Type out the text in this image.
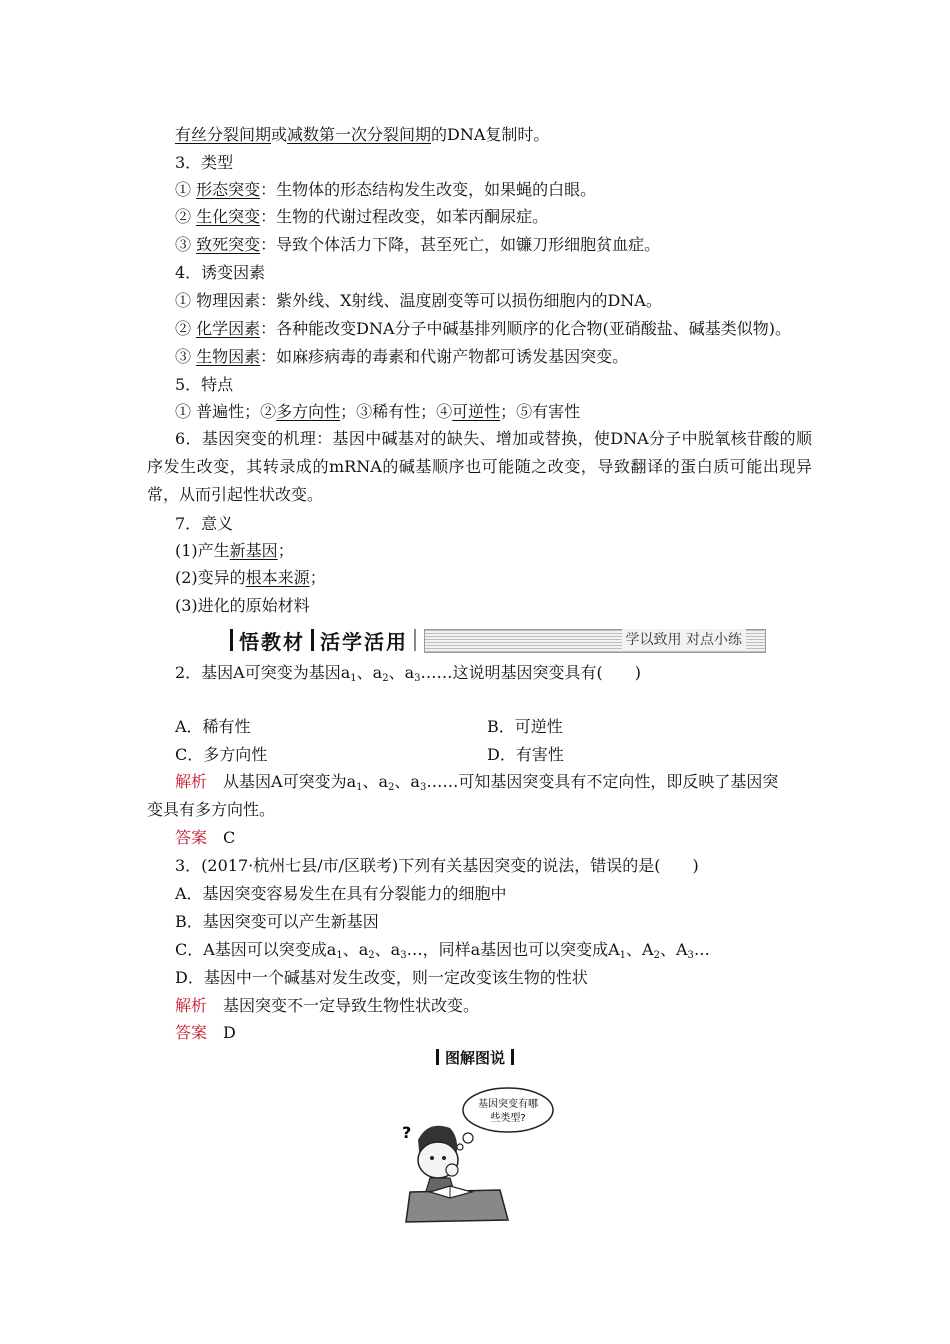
有丝分裂间期或减数第一次分裂间期的DNA复制时。
3．类型
① 形态突变：生物体的形态结构发生改变，如果蝇的白眼。
② 生化突变：生物的代谢过程改变，如苯丙酮尿症。
③ 致死突变：导致个体活力下降，甚至死亡，如镰刀形细胞贫血症。
4．诱变因素
① 物理因素：紫外线、X射线、温度剧变等可以损伤细胞内的DNA。
② 化学因素：各种能改变DNA分子中碱基排列顺序的化合物(亚硝酸盐、碱基类似物)。
③ 生物因素：如麻疹病毒的毒素和代谢产物都可诱发基因突变。
5．特点
① 普遍性；②多方向性；③稀有性；④可逆性；⑤有害性
6．基因突变的机理：基因中碱基对的缺失、增加或替换，使DNA分子中脱氧核苷酸的顺序发生改变，其转录成的mRNA的碱基顺序也可能随之改变，导致翻译的蛋白质可能出现异常，从而引起性状改变。
7．意义
(1)产生新基因；
(2)变异的根本来源；
(3)进化的原始材料
悟教材 活学活用	学以致用 对点小练
2．基因A可突变为基因a1、a2、a3……这说明基因突变具有(　　)
A．稀有性	B．可逆性
C．多方向性	D．有害性
解析　从基因A可突变为a1、a2、a3……可知基因突变具有不定向性，即反映了基因突
变具有多方向性。
答案　C
3．(2017·杭州七县/市/区联考)下列有关基因突变的说法，错误的是(　　)
A．基因突变容易发生在具有分裂能力的细胞中
B．基因突变可以产生新基因
C．A基因可以突变成a1、a2、a3…，同样a基因也可以突变成A1、A2、A3…
D．基因中一个碱基对发生改变，则一定改变该生物的性状
解析　基因突变不一定导致生物性状改变。
答案　D
图解图说
基因突变有哪
些类型?
?
